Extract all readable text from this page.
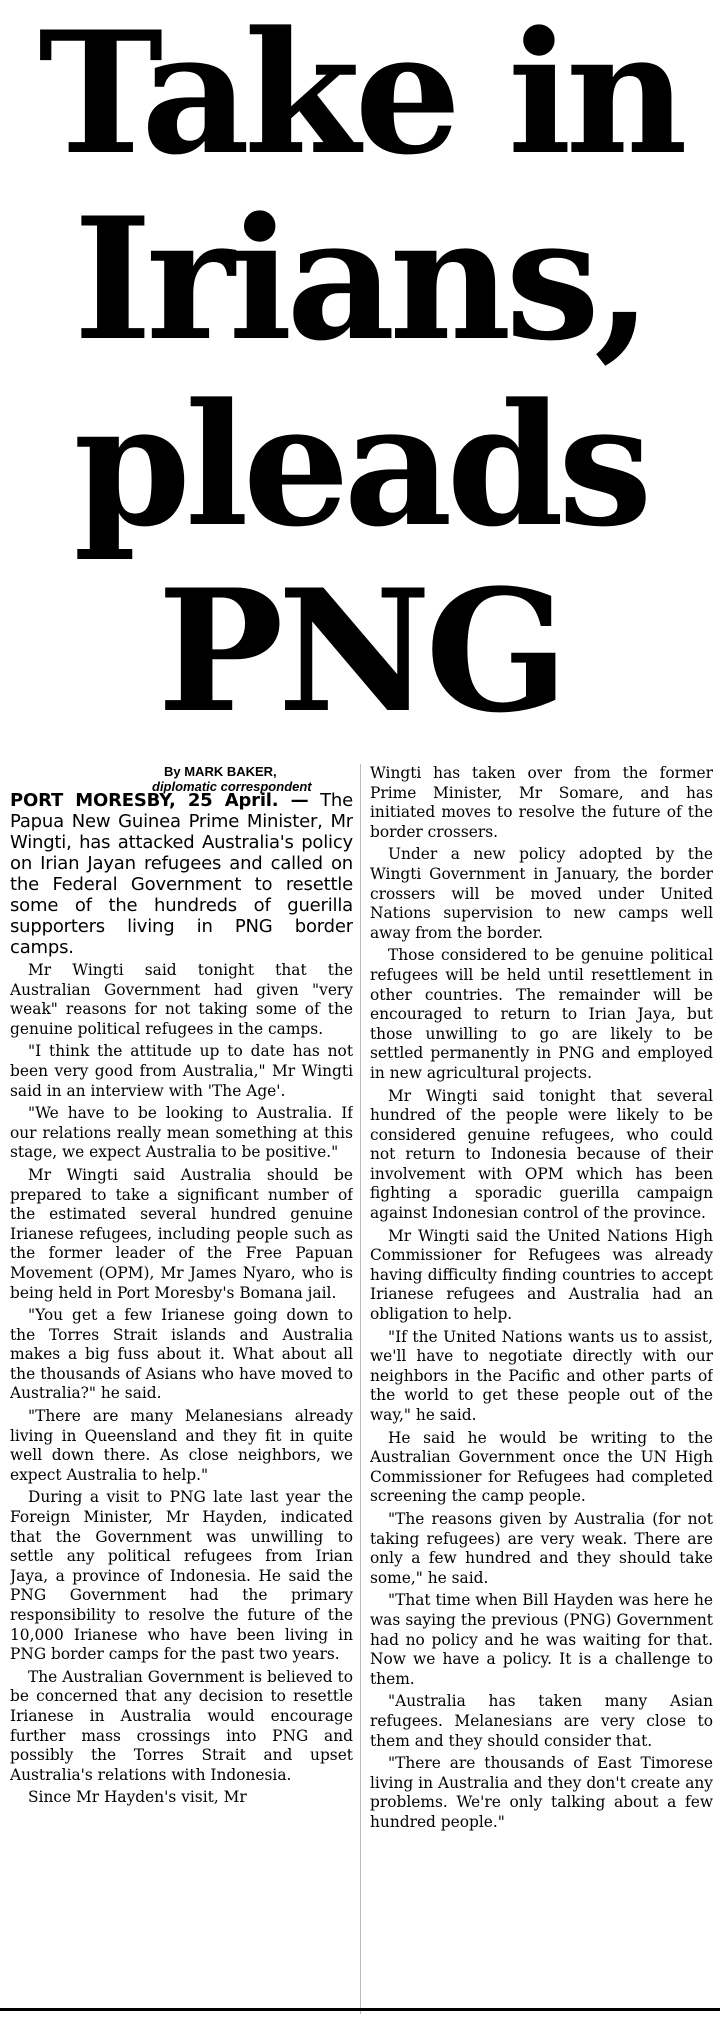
Take in
Irians,
pleads
PNG
By MARK BAKER,
diplomatic correspondent

PORT MORESBY, 25 April. — The Papua New Guinea Prime Minister, Mr Wingti, has attacked Australia's policy on Irian Jayan refugees and called on the Federal Government to resettle some of the hundreds of guerilla supporters living in PNG border camps.

Mr Wingti said tonight that the Australian Government had given "very weak" reasons for not taking some of the genuine political refugees in the camps.

"I think the attitude up to date has not been very good from Australia," Mr Wingti said in an interview with 'The Age'.

"We have to be looking to Australia. If our relations really mean something at this stage, we expect Australia to be positive."

Mr Wingti said Australia should be prepared to take a significant number of the estimated several hundred genuine Irianese refugees, including people such as the former leader of the Free Papuan Movement (OPM), Mr James Nyaro, who is being held in Port Moresby's Bomana jail.

"You get a few Irianese going down to the Torres Strait islands and Australia makes a big fuss about it. What about all the thousands of Asians who have moved to Australia?" he said.

"There are many Melanesians already living in Queensland and they fit in quite well down there. As close neighbors, we expect Australia to help."

During a visit to PNG late last year the Foreign Minister, Mr Hayden, indicated that the Government was unwilling to settle any political refugees from Irian Jaya, a province of Indonesia. He said the PNG Government had the primary responsibility to resolve the future of the 10,000 Irianese who have been living in PNG border camps for the past two years.

The Australian Government is believed to be concerned that any decision to resettle Irianese in Australia would encourage further mass crossings into PNG and possibly the Torres Strait and upset Australia's relations with Indonesia.

Since Mr Hayden's visit, Mr

Wingti has taken over from the former Prime Minister, Mr Somare, and has initiated moves to resolve the future of the border crossers.

Under a new policy adopted by the Wingti Government in January, the border crossers will be moved under United Nations supervision to new camps well away from the border.

Those considered to be genuine political refugees will be held until resettlement in other countries. The remainder will be encouraged to return to Irian Jaya, but those unwilling to go are likely to be settled permanently in PNG and employed in new agricultural projects.

Mr Wingti said tonight that several hundred of the people were likely to be considered genuine refugees, who could not return to Indonesia because of their involvement with OPM which has been fighting a sporadic guerilla campaign against Indonesian control of the province.

Mr Wingti said the United Nations High Commissioner for Refugees was already having difficulty finding countries to accept Irianese refugees and Australia had an obligation to help.

"If the United Nations wants us to assist, we'll have to negotiate directly with our neighbors in the Pacific and other parts of the world to get these people out of the way," he said.

He said he would be writing to the Australian Government once the UN High Commissioner for Refugees had completed screening the camp people.

"The reasons given by Australia (for not taking refugees) are very weak. There are only a few hundred and they should take some," he said.

"That time when Bill Hayden was here he was saying the previous (PNG) Government had no policy and he was waiting for that. Now we have a policy. It is a challenge to them.

"Australia has taken many Asian refugees. Melanesians are very close to them and they should consider that.

"There are thousands of East Timorese living in Australia and they don't create any problems. We're only talking about a few hundred people."
